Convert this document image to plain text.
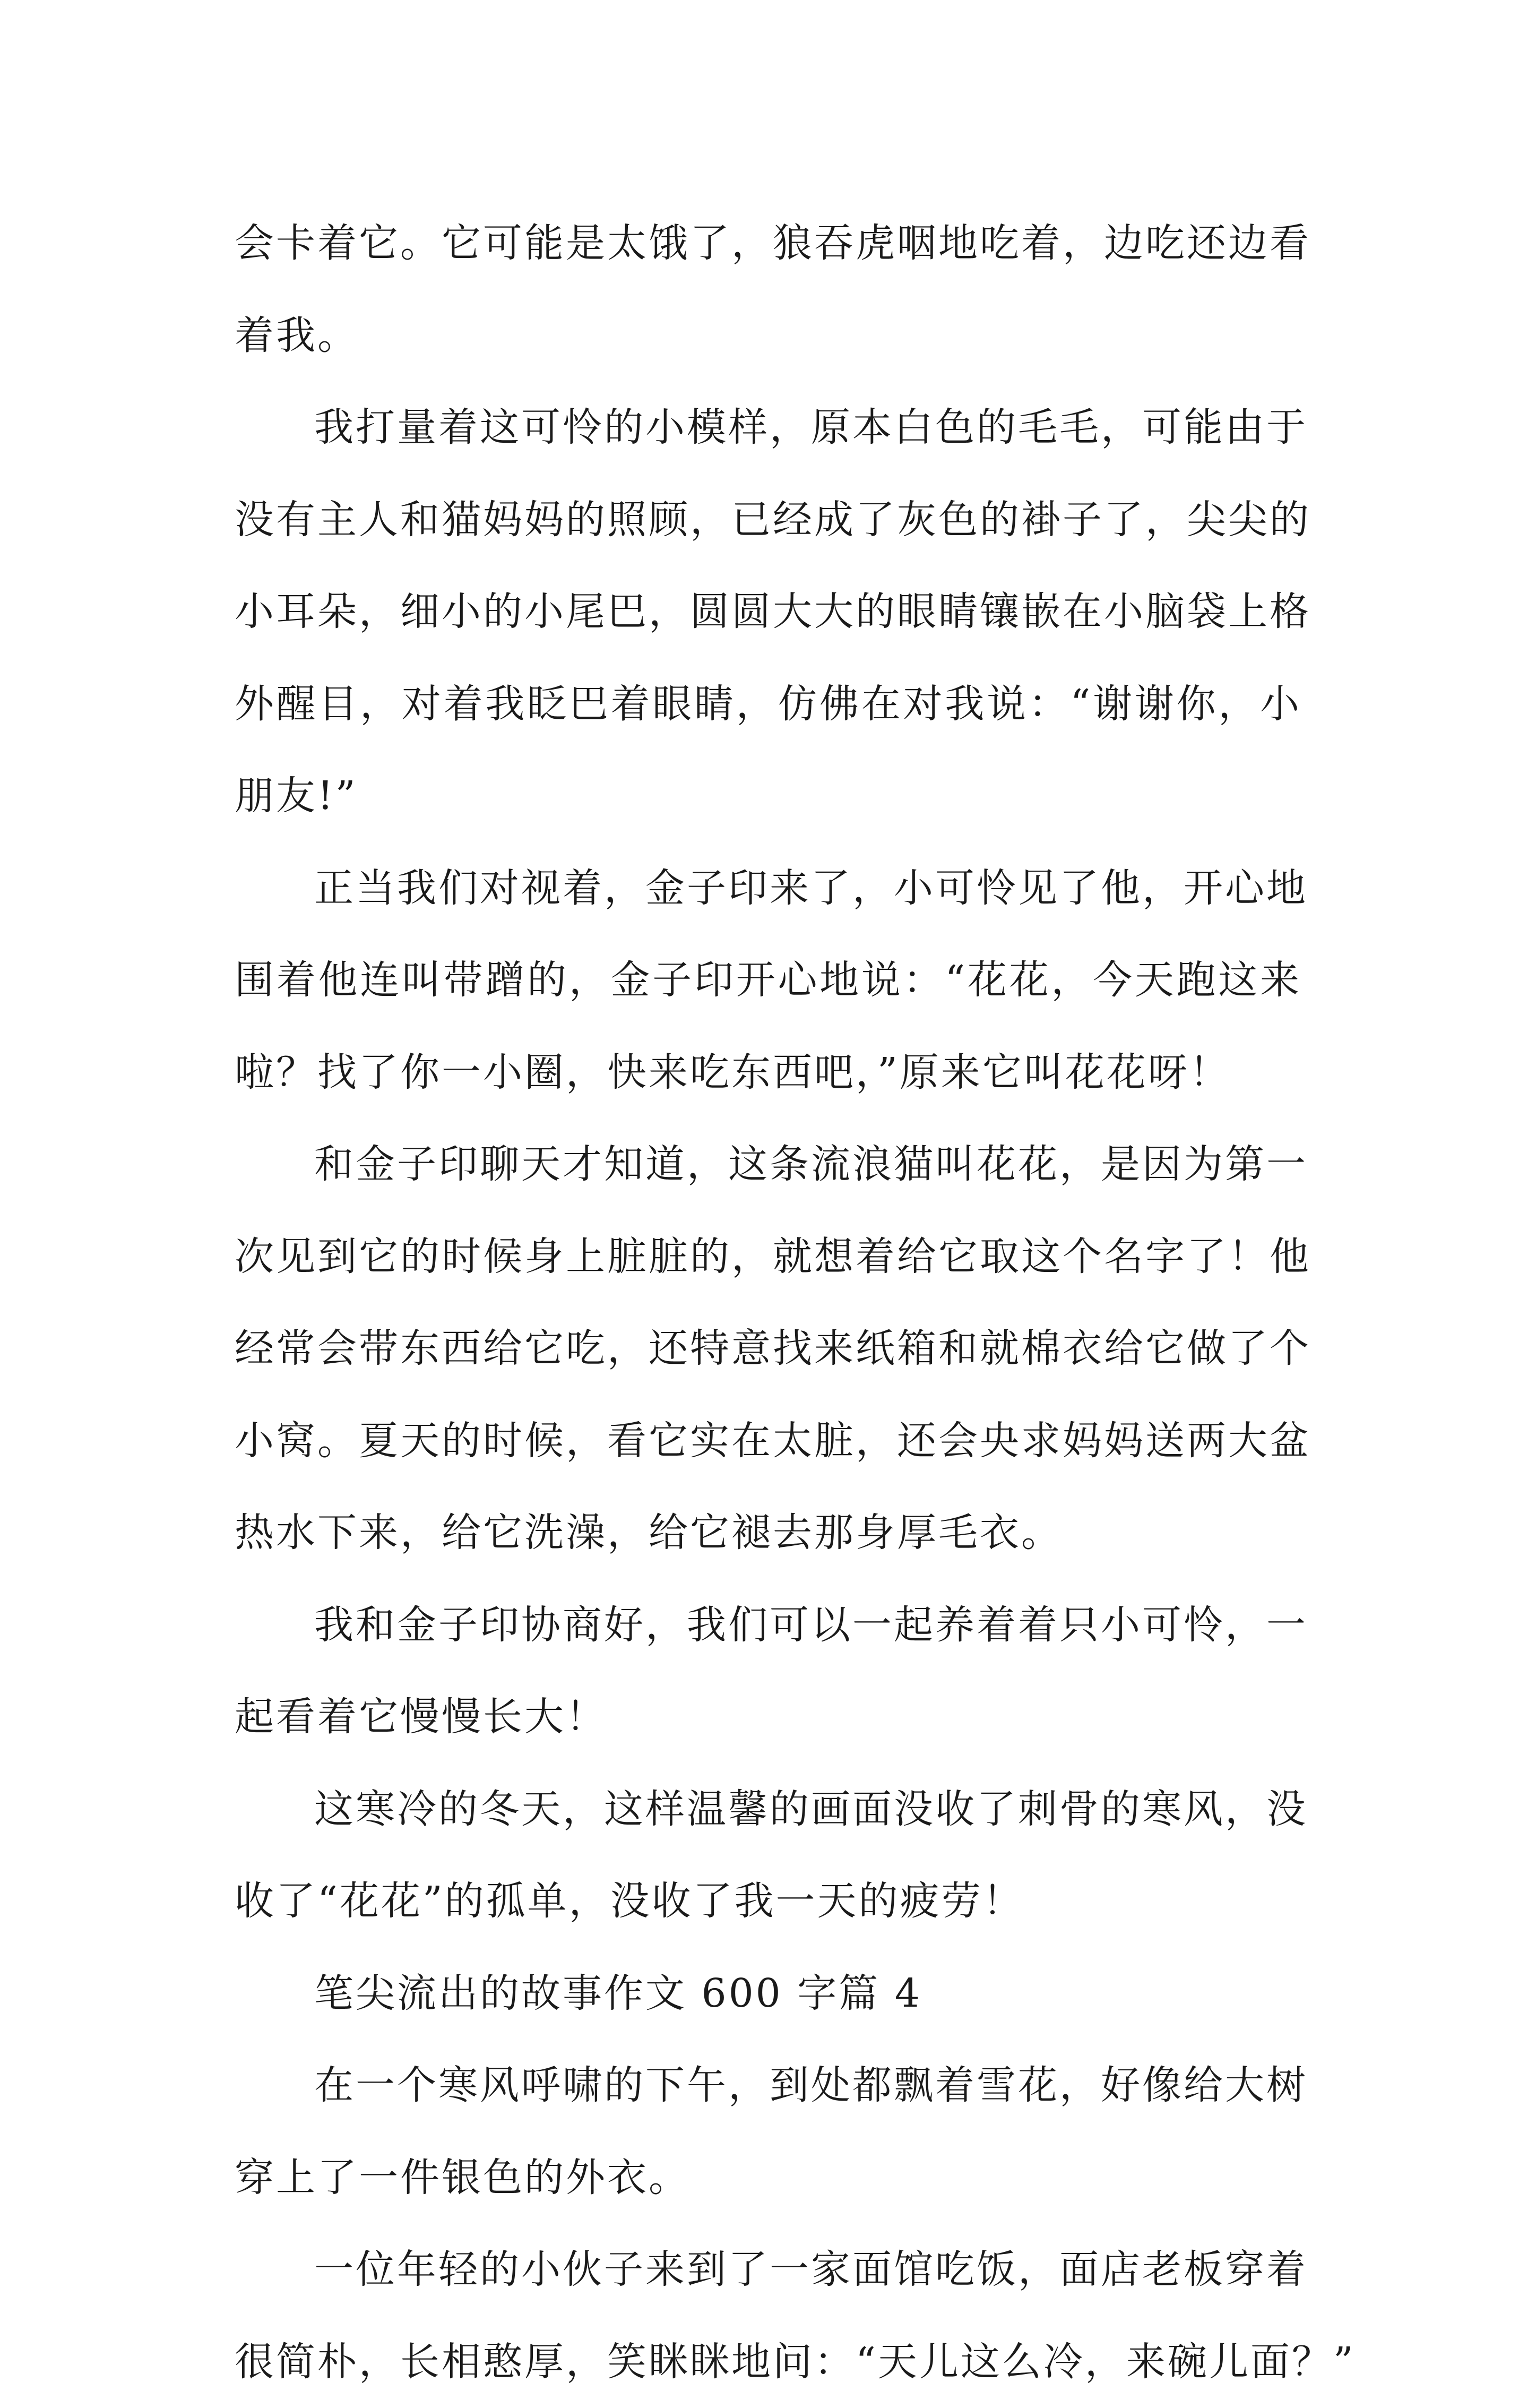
会卡着它。它可能是太饿了，狼吞虎咽地吃着，边吃还边看
着我。
我打量着这可怜的小模样，原本白色的毛毛，可能由于
没有主人和猫妈妈的照顾，已经成了灰色的褂子了，尖尖的
小耳朵，细小的小尾巴，圆圆大大的眼睛镶嵌在小脑袋上格
外醒目，对着我眨巴着眼睛，仿佛在对我说：“谢谢你，小
朋友!”
正当我们对视着，金子印来了，小可怜见了他，开心地
围着他连叫带蹭的，金子印开心地说：“花花，今天跑这来
啦？找了你一小圈，快来吃东西吧，”原来它叫花花呀！
和金子印聊天才知道，这条流浪猫叫花花，是因为第一
次见到它的时候身上脏脏的，就想着给它取这个名字了！他
经常会带东西给它吃，还特意找来纸箱和就棉衣给它做了个
小窝。夏天的时候，看它实在太脏，还会央求妈妈送两大盆
热水下来，给它洗澡，给它褪去那身厚毛衣。
我和金子印协商好，我们可以一起养着着只小可怜，一
起看着它慢慢长大！
这寒冷的冬天，这样温馨的画面没收了刺骨的寒风，没
收了“花花”的孤单，没收了我一天的疲劳！
笔尖流出的故事作文 600 字篇 4
在一个寒风呼啸的下午，到处都飘着雪花，好像给大树
穿上了一件银色的外衣。
一位年轻的小伙子来到了一家面馆吃饭，面店老板穿着
很简朴，长相憨厚，笑眯眯地问：“天儿这么冷，来碗儿面？”
